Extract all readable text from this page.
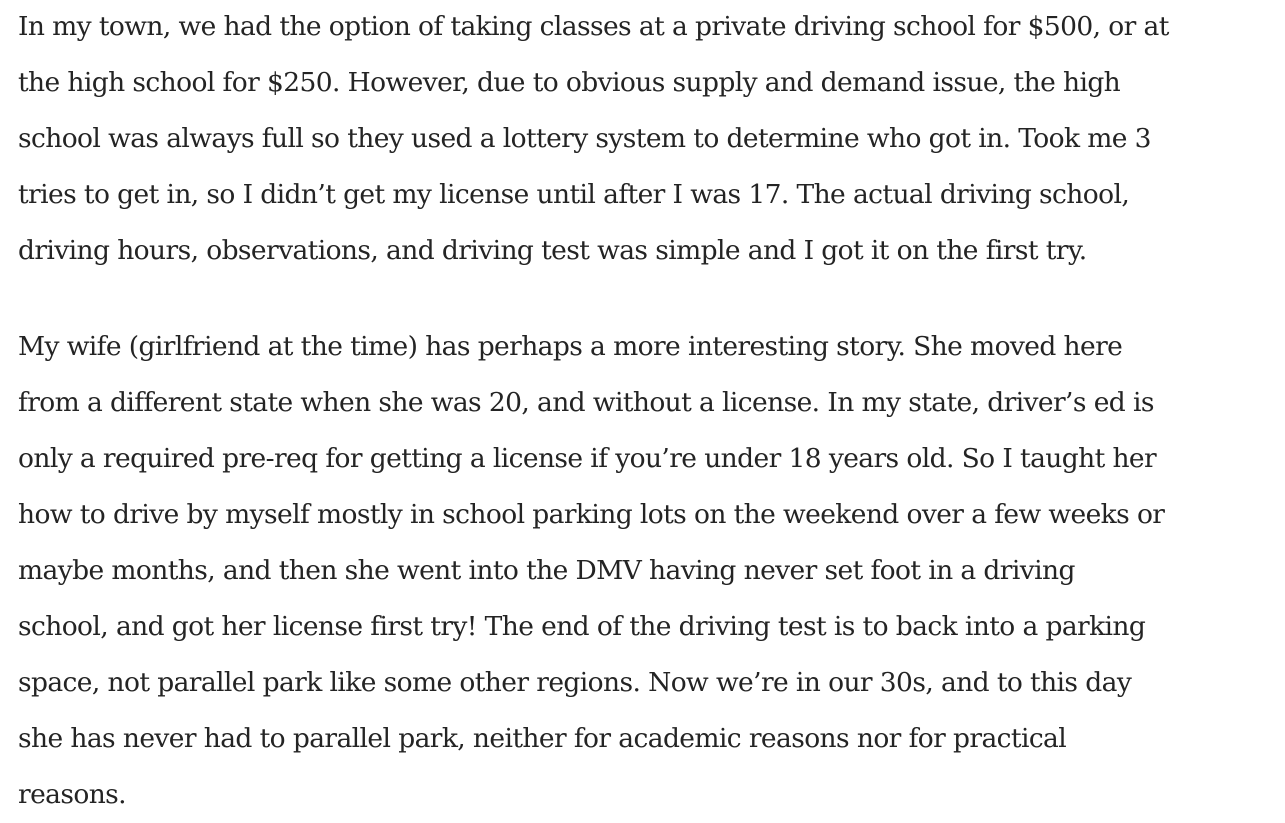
In my town, we had the option of taking classes at a private driving school for $500, or at
the high school for $250. However, due to obvious supply and demand issue, the high
school was always full so they used a lottery system to determine who got in. Took me 3
tries to get in, so I didn’t get my license until after I was 17. The actual driving school,
driving hours, observations, and driving test was simple and I got it on the first try.

My wife (girlfriend at the time) has perhaps a more interesting story. She moved here
from a different state when she was 20, and without a license. In my state, driver’s ed is
only a required pre-req for getting a license if you’re under 18 years old. So I taught her
how to drive by myself mostly in school parking lots on the weekend over a few weeks or
maybe months, and then she went into the DMV having never set foot in a driving
school, and got her license first try! The end of the driving test is to back into a parking
space, not parallel park like some other regions. Now we’re in our 30s, and to this day
she has never had to parallel park, neither for academic reasons nor for practical
reasons.
